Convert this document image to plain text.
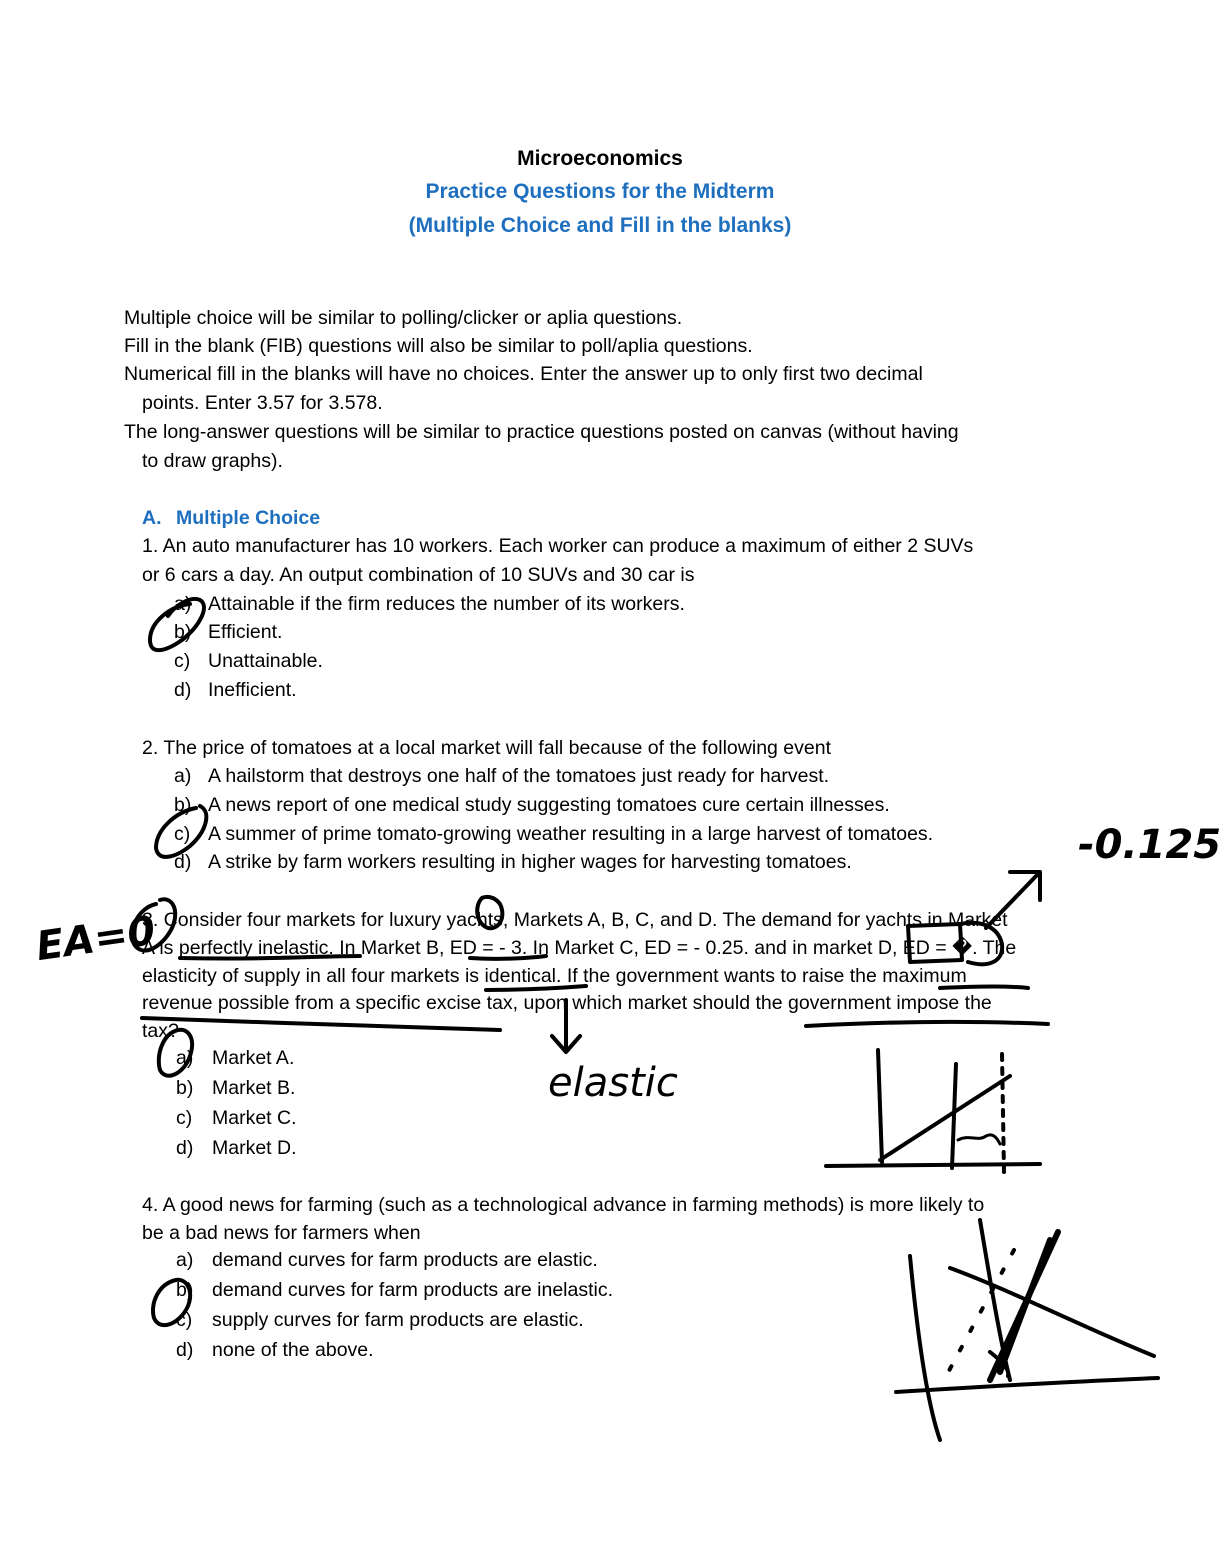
Microeconomics
Practice Questions for the Midterm
(Multiple Choice and Fill in the blanks)
Multiple choice will be similar to polling/clicker or aplia questions.
Fill in the blank (FIB) questions will also be similar to poll/aplia questions.
Numerical fill in the blanks will have no choices. Enter the answer up to only first two decimal
points. Enter 3.57 for 3.578.
The long-answer questions will be similar to practice questions posted on canvas (without having
to draw graphs).
A. Multiple Choice
1. An auto manufacturer has 10 workers. Each worker can produce a maximum of either 2 SUVs
or 6 cars a day. An output combination of 10 SUVs and 30 car is
a) Attainable if the firm reduces the number of its workers.
b) Efficient.
c) Unattainable.
d) Inefficient.
2. The price of tomatoes at a local market will fall because of the following event
a) A hailstorm that destroys one half of the tomatoes just ready for harvest.
b) A news report of one medical study suggesting tomatoes cure certain illnesses.
c) A summer of prime tomato-growing weather resulting in a large harvest of tomatoes.
d) A strike by farm workers resulting in higher wages for harvesting tomatoes.
3. Consider four markets for luxury yachts, Markets A, B, C, and D. The demand for yachts in Market
A is perfectly inelastic. In Market B, ED = - 3. In Market C, ED = - 0.25. and in market D, ED = �. The
elasticity of supply in all four markets is identical. If the government wants to raise the maximum
revenue possible from a specific excise tax, upon which market should the government impose the
tax?
a) Market A.
b) Market B.
c) Market C.
d) Market D.
4. A good news for farming (such as a technological advance in farming methods) is more likely to
be a bad news for farmers when
a) demand curves for farm products are elastic.
b) demand curves for farm products are inelastic.
c) supply curves for farm products are elastic.
d) none of the above.
-0.125
elastic
EA=0
